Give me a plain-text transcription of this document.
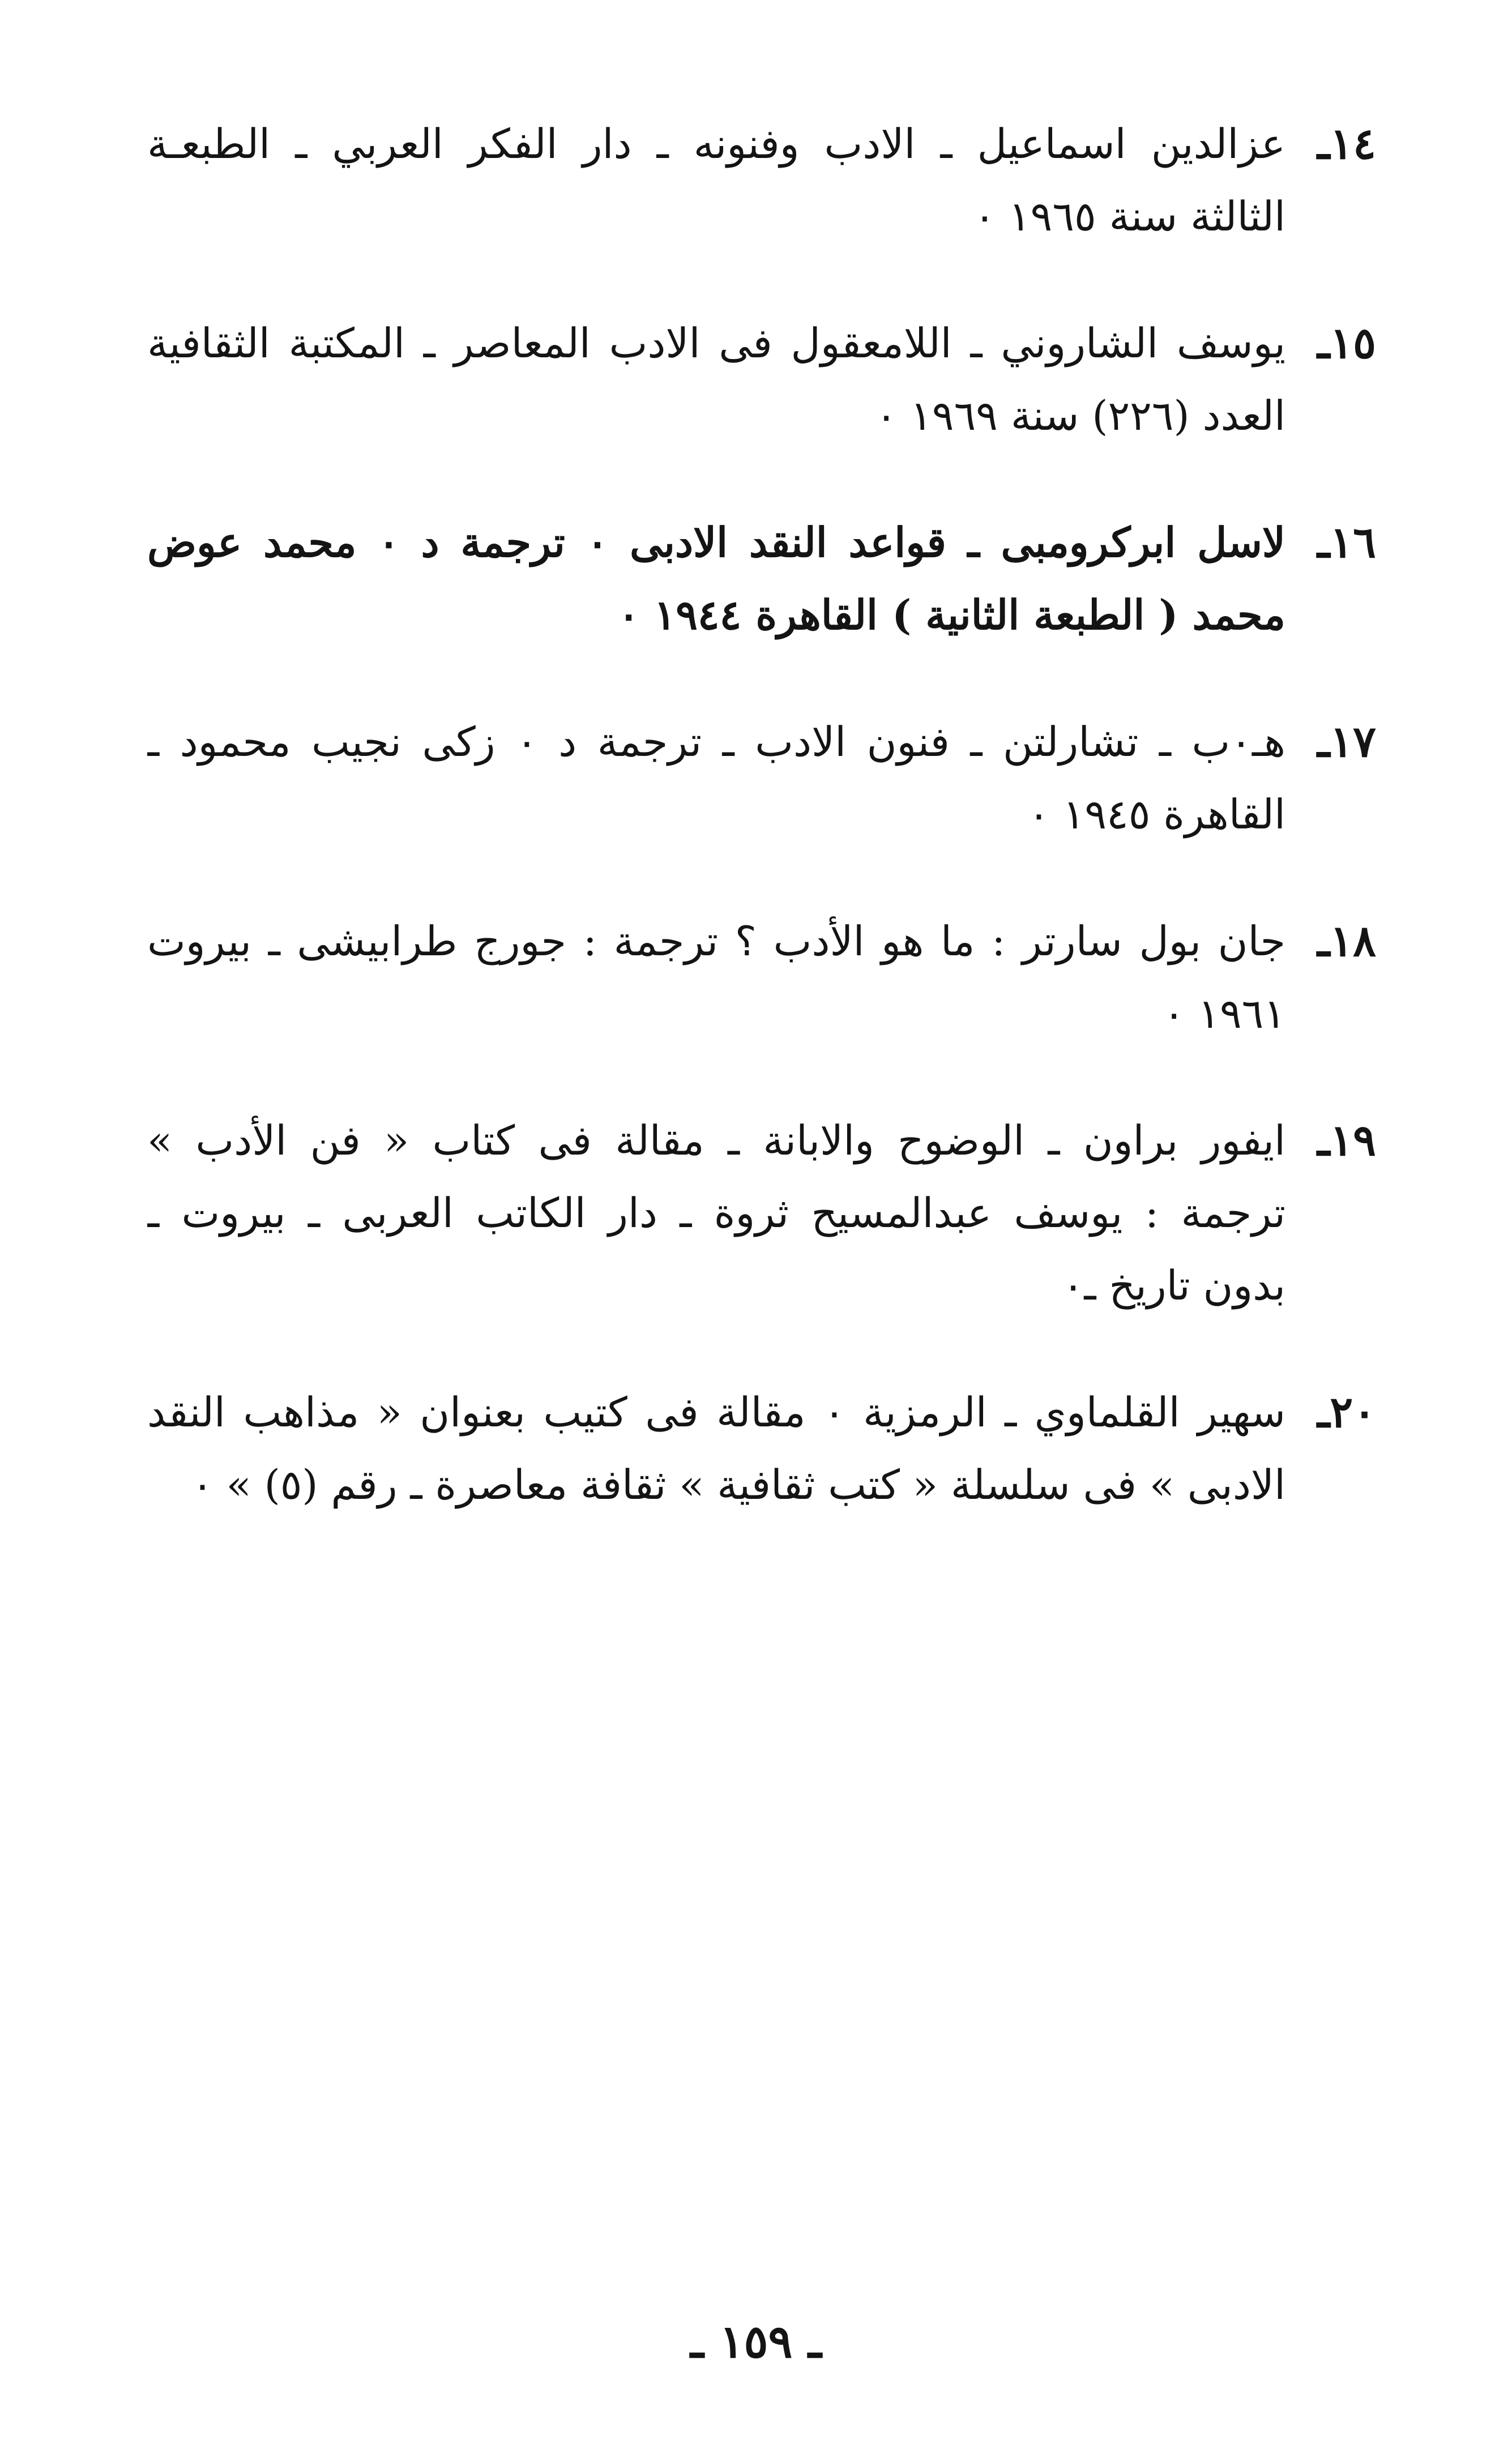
١٤ـ
عزالدين اسماعيل ـ الادب وفنونه ـ دار الفكر العربي ـ الطبعـة
الثالثة سنة ١٩٦٥ ٠
١٥ـ
يوسف الشاروني ـ اللامعقول فى الادب المعاصر ـ المكتبة الثقافية
العدد (٢٢٦) سنة ١٩٦٩ ٠
١٦ـ
لاسل ابركرومبى ـ قواعد النقد الادبى ٠ ترجمة د ٠ محمد عوض
محمد ( الطبعة الثانية ) القاهرة ١٩٤٤ ٠
١٧ـ
هـ٠ب ـ تشارلتن ـ فنون الادب ـ ترجمة د ٠ زكى نجيب محمود ـ
القاهرة ١٩٤٥ ٠
١٨ـ
جان بول سارتر : ما هو الأدب ؟ ترجمة : جورج طرابيشى ـ بيروت
١٩٦١ ٠
١٩ـ
ايفور براون ـ الوضوح والابانة ـ مقالة فى كتاب « فن الأدب »
ترجمة : يوسف عبدالمسيح ثروة ـ دار الكاتب العربى ـ بيروت ـ
بدون تاريخ ـ٠
٢٠ـ
سهير القلماوي ـ الرمزية ٠ مقالة فى كتيب بعنوان « مذاهب النقد
الادبى » فى سلسلة « كتب ثقافية » ثقافة معاصرة ـ رقم (٥) » ٠
ـ ١٥٩ ـ
